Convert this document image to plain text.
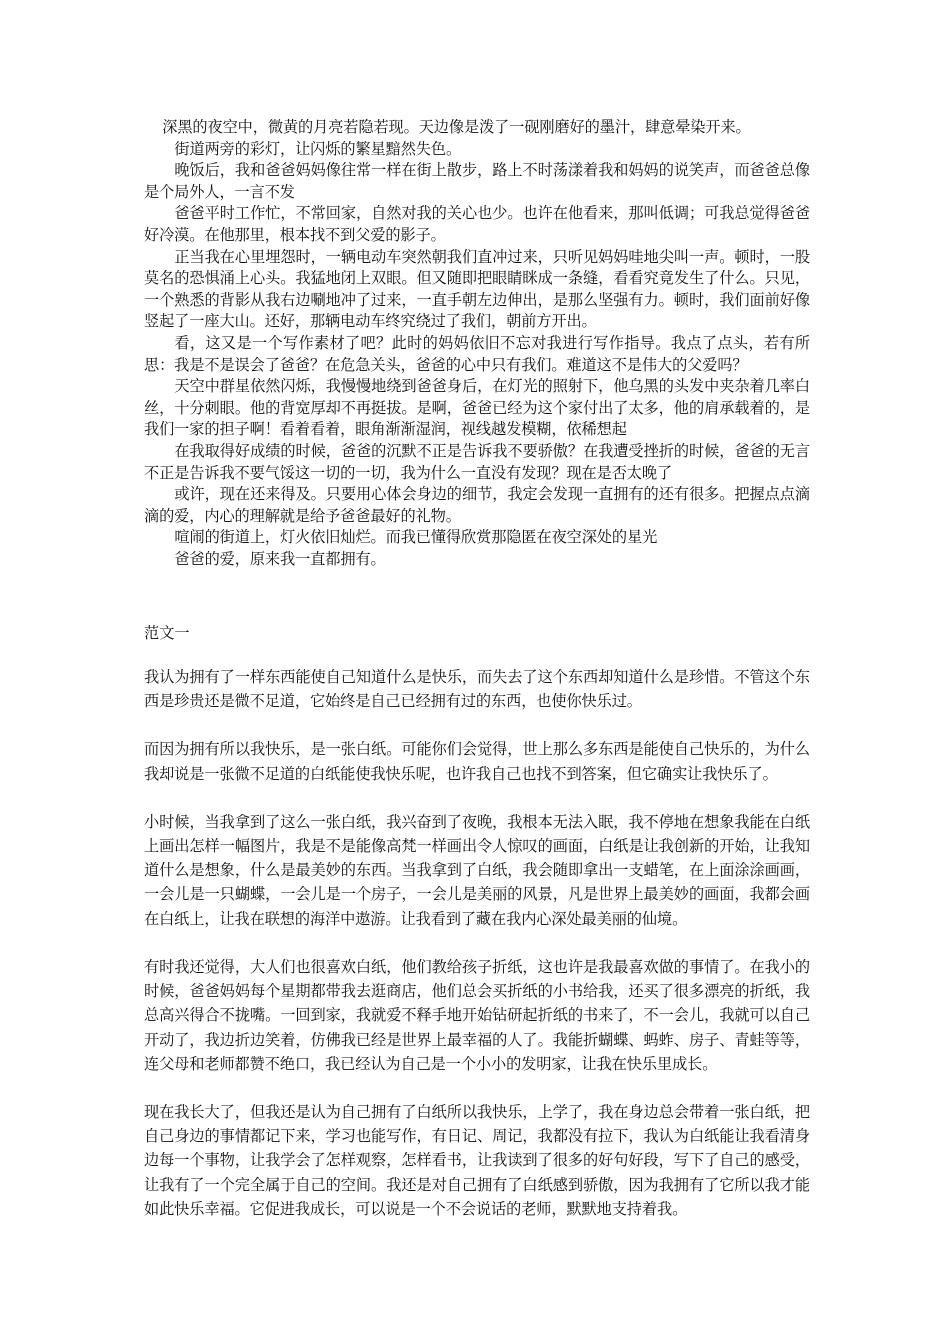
深黑的夜空中，微黄的月亮若隐若现。天边像是泼了一砚刚磨好的墨汁，肆意晕染开来。

街道两旁的彩灯，让闪烁的繁星黯然失色。

晚饭后，我和爸爸妈妈像往常一样在街上散步，路上不时荡漾着我和妈妈的说笑声，而爸爸总像是个局外人，一言不发

爸爸平时工作忙，不常回家，自然对我的关心也少。也许在他看来，那叫低调；可我总觉得爸爸好冷漠。在他那里，根本找不到父爱的影子。

正当我在心里埋怨时，一辆电动车突然朝我们直冲过来，只听见妈妈哇地尖叫一声。顿时，一股莫名的恐惧涌上心头。我猛地闭上双眼。但又随即把眼睛眯成一条缝，看看究竟发生了什么。只见，一个熟悉的背影从我右边唰地冲了过来，一直手朝左边伸出，是那么坚强有力。顿时，我们面前好像竖起了一座大山。还好，那辆电动车终究绕过了我们，朝前方开出。

看，这又是一个写作素材了吧？此时的妈妈依旧不忘对我进行写作指导。我点了点头，若有所思：我是不是误会了爸爸？在危急关头，爸爸的心中只有我们。难道这不是伟大的父爱吗？

天空中群星依然闪烁，我慢慢地绕到爸爸身后，在灯光的照射下，他乌黑的头发中夹杂着几率白丝，十分刺眼。他的背宽厚却不再挺拔。是啊，爸爸已经为这个家付出了太多，他的肩承载着的，是我们一家的担子啊！看着看着，眼角渐渐湿润，视线越发模糊，依稀想起

在我取得好成绩的时候，爸爸的沉默不正是告诉我不要骄傲？在我遭受挫折的时候，爸爸的无言不正是告诉我不要气馁这一切的一切，我为什么一直没有发现？现在是否太晚了

或许，现在还来得及。只要用心体会身边的细节，我定会发现一直拥有的还有很多。把握点点滴滴的爱，内心的理解就是给予爸爸最好的礼物。

喧闹的街道上，灯火依旧灿烂。而我已懂得欣赏那隐匿在夜空深处的星光

爸爸的爱，原来我一直都拥有。

范文一

我认为拥有了一样东西能使自己知道什么是快乐，而失去了这个东西却知道什么是珍惜。不管这个东西是珍贵还是微不足道，它始终是自己已经拥有过的东西，也使你快乐过。

而因为拥有所以我快乐，是一张白纸。可能你们会觉得，世上那么多东西是能使自己快乐的，为什么我却说是一张微不足道的白纸能使我快乐呢，也许我自己也找不到答案，但它确实让我快乐了。

小时候，当我拿到了这么一张白纸，我兴奋到了夜晚，我根本无法入眠，我不停地在想象我能在白纸上画出怎样一幅图片，我是不是能像高梵一样画出令人惊叹的画面，白纸是让我创新的开始，让我知道什么是想象，什么是最美妙的东西。当我拿到了白纸，我会随即拿出一支蜡笔，在上面涂涂画画，一会儿是一只蝴蝶，一会儿是一个房子，一会儿是美丽的风景，凡是世界上最美妙的画面，我都会画在白纸上，让我在联想的海洋中遨游。让我看到了藏在我内心深处最美丽的仙境。

有时我还觉得，大人们也很喜欢白纸，他们教给孩子折纸，这也许是我最喜欢做的事情了。在我小的时候，爸爸妈妈每个星期都带我去逛商店，他们总会买折纸的小书给我，还买了很多漂亮的折纸，我总高兴得合不拢嘴。一回到家，我就爱不释手地开始钻研起折纸的书来了，不一会儿，我就可以自己开动了，我边折边笑着，仿佛我已经是世界上最幸福的人了。我能折蝴蝶、蚂蚱、房子、青蛙等等，连父母和老师都赞不绝口，我已经认为自己是一个小小的发明家，让我在快乐里成长。

现在我长大了，但我还是认为自己拥有了白纸所以我快乐，上学了，我在身边总会带着一张白纸，把自己身边的事情都记下来，学习也能写作，有日记、周记，我都没有拉下，我认为白纸能让我看清身边每一个事物，让我学会了怎样观察，怎样看书，让我读到了很多的好句好段，写下了自己的感受，让我有了一个完全属于自己的空间。我还是对自己拥有了白纸感到骄傲，因为我拥有了它所以我才能如此快乐幸福。它促进我成长，可以说是一个不会说话的老师，默默地支持着我。
